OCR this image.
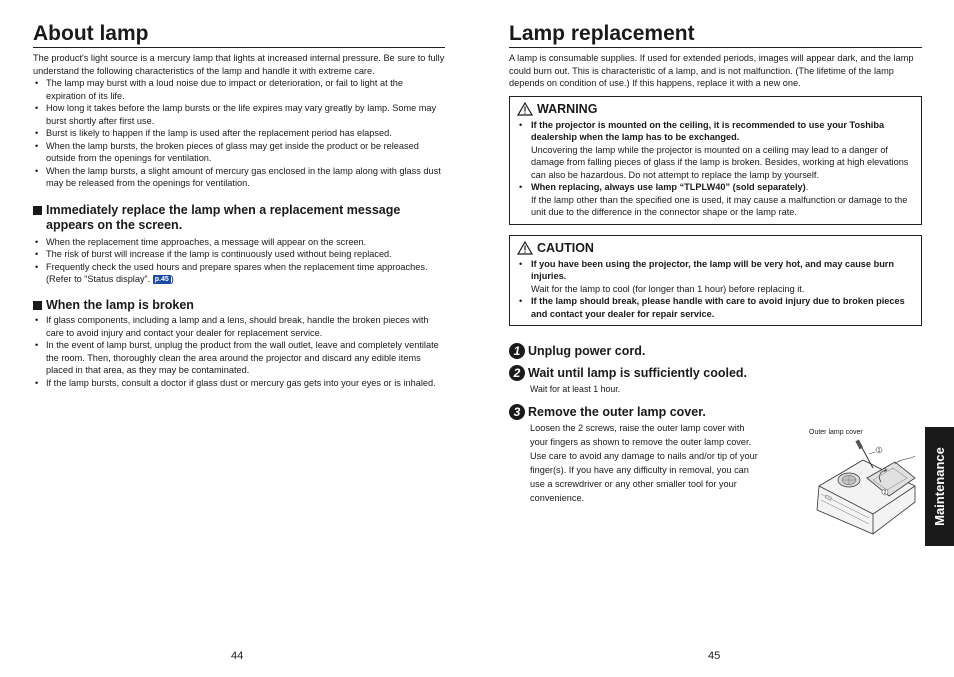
About lamp

The product's light source is a mercury lamp that lights at increased internal pressure. Be sure to fully understand the following characteristics of the lamp and handle it with extreme care.

• The lamp may burst with a loud noise due to impact or deterioration, or fail to light at the expiration of its life.
• How long it takes before the lamp bursts or the life expires may vary greatly by lamp. Some may burst shortly after first use.
• Burst is likely to happen if the lamp is used after the replacement period has elapsed.
• When the lamp bursts, the broken pieces of glass may get inside the product or be released outside from the openings for ventilation.
• When the lamp bursts, a slight amount of mercury gas enclosed in the lamp along with glass dust may be released from the openings for ventilation.
Immediately replace the lamp when a replacement message appears on the screen.
• When the replacement time approaches, a message will appear on the screen.
• The risk of burst will increase if the lamp is continuously used without being replaced.
• Frequently check the used hours and prepare spares when the replacement time approaches. (Refer to “Status display”. p.45 )
When the lamp is broken
• If glass components, including a lamp and a lens, should break, handle the broken pieces with care to avoid injury and contact your dealer for replacement service.
• In the event of lamp burst, unplug the product from the wall outlet, leave and completely ventilate the room. Then, thoroughly clean the area around the projector and discard any edible items placed in that area, as they may be contaminated.
• If the lamp bursts, consult a doctor if glass dust or mercury gas gets into your eyes or is inhaled.
44
Lamp replacement

A lamp is consumable supplies. If used for extended periods, images will appear dark, and the lamp could burn out. This is characteristic of a lamp, and is not malfunction. (The lifetime of the lamp depends on condition of use.) If this happens, replace it with a new one.

WARNING
• If the projector is mounted on the ceiling, it is recommended to use your Toshiba dealership when the lamp has to be exchanged.
Uncovering the lamp while the projector is mounted on a ceiling may lead to a danger of damage from falling pieces of glass if the lamp is broken. Besides, working at high elevations can also be hazardous. Do not attempt to replace the lamp by yourself.
• When replacing, always use lamp “TLPLW40” (sold separately).
If the lamp other than the specified one is used, it may cause a malfunction or damage to the unit due to the difference in the connector shape or the lamp rate.
CAUTION
• If you have been using the projector, the lamp will be very hot, and may cause burn injuries.
Wait for the lamp to cool (for longer than 1 hour) before replacing it.
• If the lamp should break, please handle with care to avoid injury due to broken pieces and contact your dealer for repair service.
1 Unplug power cord.
2 Wait until lamp is sufficiently cooled.

Wait for at least 1 hour.

3 Remove the outer lamp cover.

Loosen the 2 screws, raise the outer lamp cover with your fingers as shown to remove the outer lamp cover. Use care to avoid any damage to nails and/or tip of your finger(s). If you have any difficulty in removal, you can use a screwdriver or any other smaller tool for your convenience.

Outer lamp cover
1
2
45
Maintenance
